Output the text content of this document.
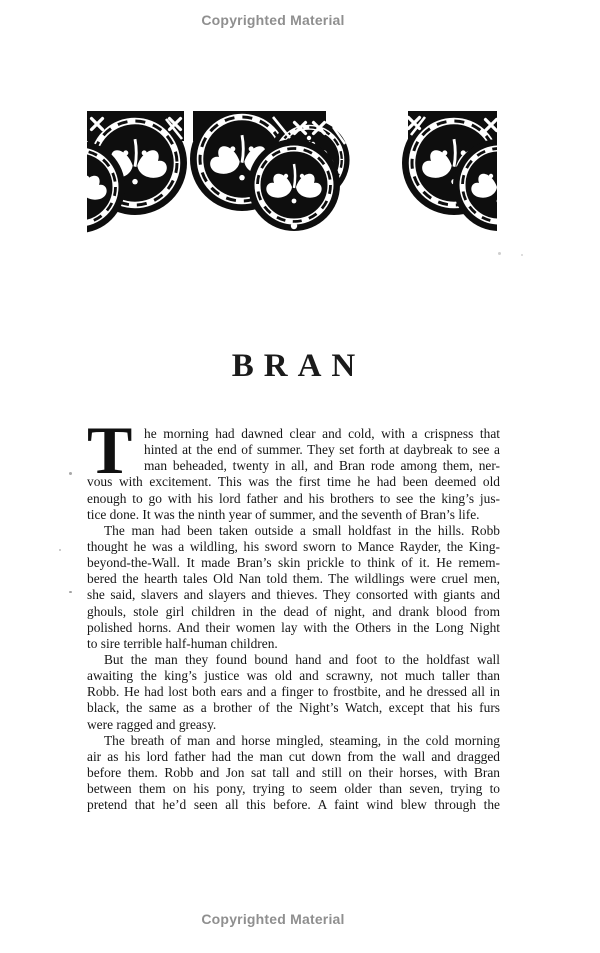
Copyrighted Material
BRAN
T he morning had dawned clear and cold, with a crispness that
hinted at the end of summer. They set forth at daybreak to see a
man beheaded, twenty in all, and Bran rode among them, ner-
vous with excitement. This was the first time he had been deemed old
enough to go with his lord father and his brothers to see the king’s jus-
tice done. It was the ninth year of summer, and the seventh of Bran’s life.
The man had been taken outside a small holdfast in the hills. Robb
thought he was a wildling, his sword sworn to Mance Rayder, the King-
beyond-the-Wall. It made Bran’s skin prickle to think of it. He remem-
bered the hearth tales Old Nan told them. The wildlings were cruel men,
she said, slavers and slayers and thieves. They consorted with giants and
ghouls, stole girl children in the dead of night, and drank blood from
polished horns. And their women lay with the Others in the Long Night
to sire terrible half-human children.
But the man they found bound hand and foot to the holdfast wall
awaiting the king’s justice was old and scrawny, not much taller than
Robb. He had lost both ears and a finger to frostbite, and he dressed all in
black, the same as a brother of the Night’s Watch, except that his furs
were ragged and greasy.
The breath of man and horse mingled, steaming, in the cold morning
air as his lord father had the man cut down from the wall and dragged
before them. Robb and Jon sat tall and still on their horses, with Bran
between them on his pony, trying to seem older than seven, trying to
pretend that he’d seen all this before. A faint wind blew through the
Copyrighted Material
